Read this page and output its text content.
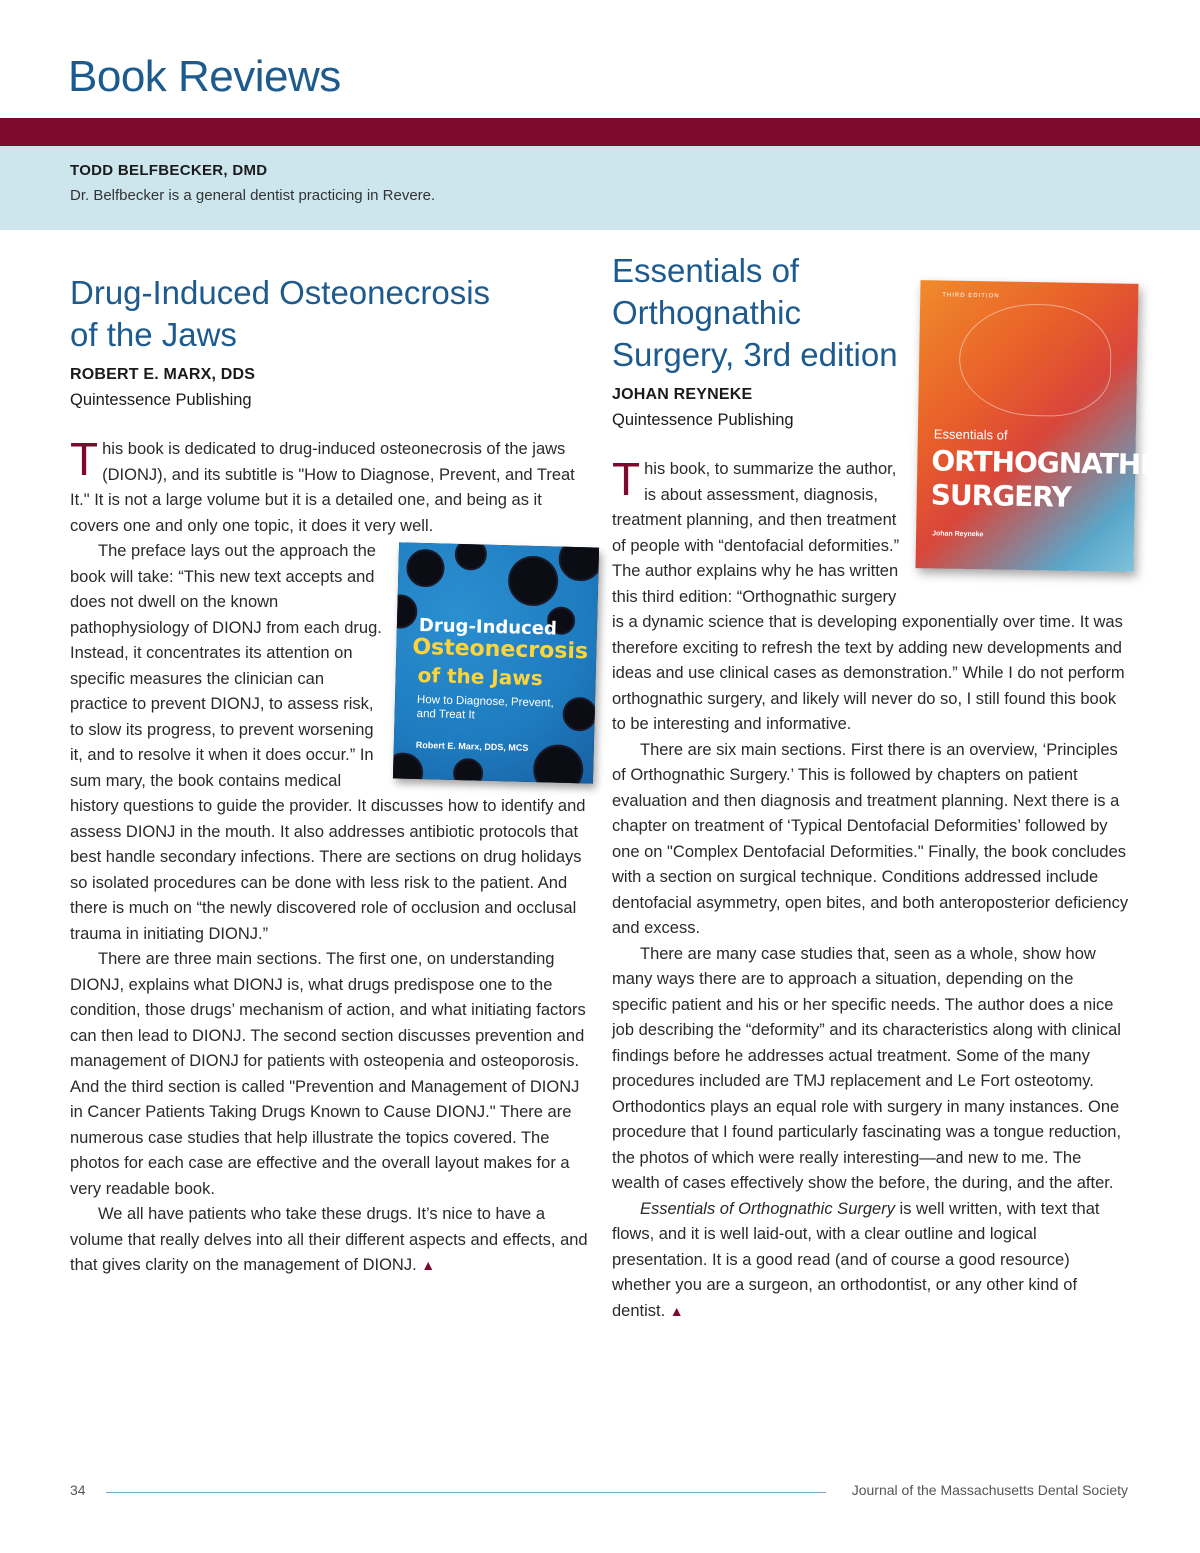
Book Reviews
TODD BELFBECKER, DMD
Dr. Belfbecker is a general dentist practicing in Revere.
Drug-Induced Osteonecrosis
of the Jaws
ROBERT E. MARX, DDS
Quintessence Publishing

This book is dedicated to drug-induced osteonecrosis of the jaws (DIONJ), and its subtitle is "How to Diagnose, Prevent, and Treat It." It is not a large volume but it is a detailed one, and being as it covers one and only one topic, it does it very well.

Drug-Induced
Osteonecrosis
of the Jaws
How to Diagnose, Prevent, and Treat It
Robert E. Marx, DDS, MCS

The preface lays out the approach the book will take: “This new text accepts and does not dwell on the known pathophysiology of DIONJ from each drug. Instead, it concentrates its attention on specific measures the clinician can practice to prevent DIONJ, to assess risk, to slow its progress, to prevent worsening it, and to resolve it when it does occur.” In sum mary, the book contains medical history questions to guide the provider. It discusses how to identify and assess DIONJ in the mouth. It also addresses antibiotic protocols that best handle secondary infections. There are sections on drug holidays so isolated procedures can be done with less risk to the patient. And there is much on “the newly discovered role of occlusion and occlusal trauma in initiating DIONJ.”

There are three main sections. The first one, on understanding DIONJ, explains what DIONJ is, what drugs predispose one to the condition, those drugs’ mechanism of action, and what initiating factors can then lead to DIONJ. The second section discusses prevention and management of DIONJ for patients with osteopenia and osteoporosis. And the third section is called "Prevention and Management of DIONJ in Cancer Patients Taking Drugs Known to Cause DIONJ." There are numerous case studies that help illustrate the topics covered. The photos for each case are effective and the overall layout makes for a very readable book.

We all have patients who take these drugs. It’s nice to have a volume that really delves into all their different aspects and effects, and that gives clarity on the management of DIONJ. ▲

THIRD EDITION
Essentials of
ORTHOGNATHIC
SURGERY
Johan Reyneke
Essentials of
Orthognathic
Surgery, 3rd edition
JOHAN REYNEKE
Quintessence Publishing

This book, to summarize the author, is about assessment, diagnosis, treatment planning, and then treatment of people with “dentofacial deformities.” The author explains why he has written this third edition: “Orthognathic surgery is a dynamic science that is developing exponentially over time. It was therefore exciting to refresh the text by adding new developments and ideas and use clinical cases as demonstration.” While I do not perform orthognathic surgery, and likely will never do so, I still found this book to be interesting and informative.

There are six main sections. First there is an overview, ‘Principles of Orthognathic Surgery.’ This is followed by chapters on patient evaluation and then diagnosis and treatment planning. Next there is a chapter on treatment of ‘Typical Dentofacial Deformities’ followed by one on "Complex Dentofacial Deformities." Finally, the book concludes with a section on surgical technique. Conditions addressed include dentofacial asymmetry, open bites, and both anteroposterior deficiency and excess.

There are many case studies that, seen as a whole, show how many ways there are to approach a situation, depending on the specific patient and his or her specific needs. The author does a nice job describing the “deformity” and its characteristics along with clinical findings before he addresses actual treatment. Some of the many procedures included are TMJ replacement and Le Fort osteotomy. Orthodontics plays an equal role with surgery in many instances. One procedure that I found particularly fascinating was a tongue reduction, the photos of which were really interesting—and new to me. The wealth of cases effectively show the before, the during, and the after.

Essentials of Orthognathic Surgery is well written, with text that flows, and it is well laid-out, with a clear outline and logical presentation. It is a good read (and of course a good resource) whether you are a surgeon, an orthodontist, or any other kind of dentist. ▲

34	Journal of the Massachusetts Dental Society
